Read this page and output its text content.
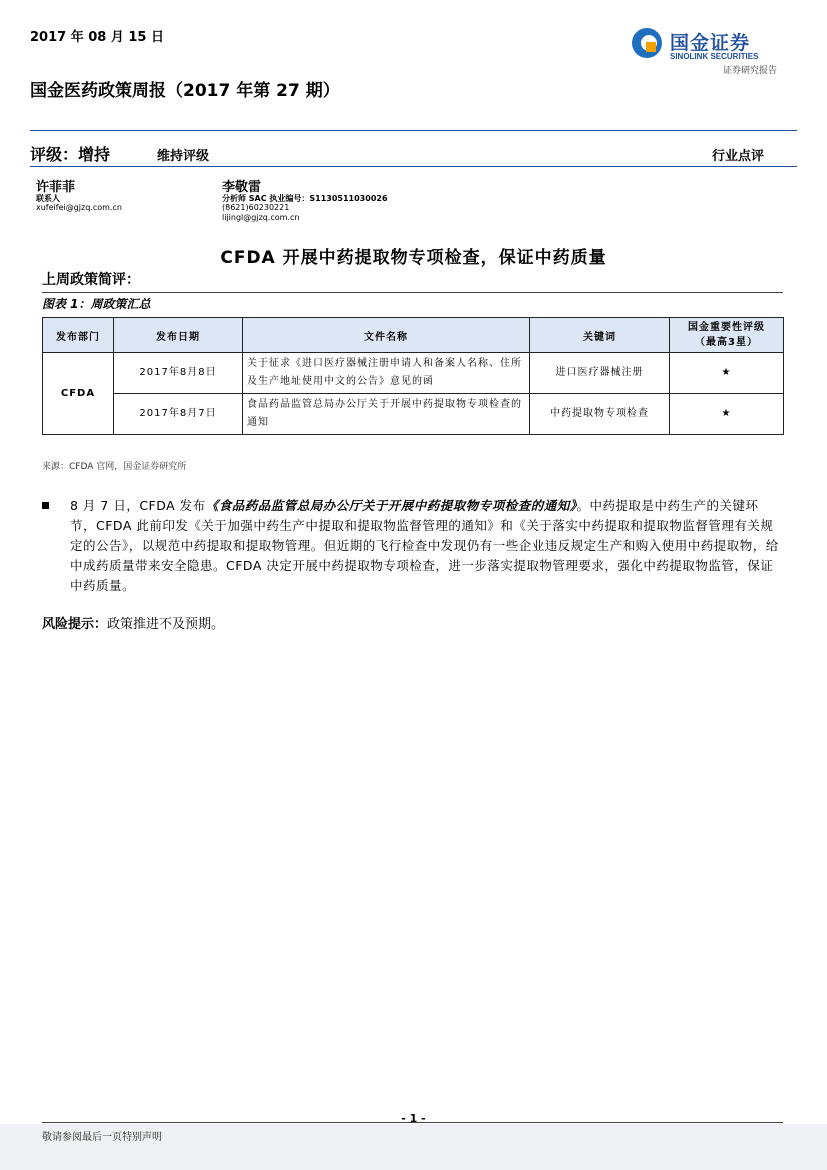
2017 年 08 月 15 日
国金医药政策周报（2017 年第 27 期）
国金证券
SINOLINK SECURITIES
证券研究报告
评级：增持	维持评级	行业点评
许菲菲
联系人
xufeifei@gjzq.com.cn
李敬雷
分析师 SAC 执业编号：S1130511030026
(8621)60230221
lijingl@gjzq.com.cn
CFDA 开展中药提取物专项检查，保证中药质量
上周政策简评：
图表 1：周政策汇总
发布部门	发布日期	文件名称	关键词	国金重要性评级
（最高3星）
CFDA	2017年8月8日	关于征求《进口医疗器械注册申请人和备案人名称、住所及生产地址使用中文的公告》意见的函	进口医疗器械注册	★
	2017年8月7日	食品药品监管总局办公厅关于开展中药提取物专项检查的通知	中药提取物专项检查	★
来源：CFDA 官网，国金证券研究所
8 月 7 日，CFDA 发布《食品药品监管总局办公厅关于开展中药提取物专项检查的通知》。中药提取是中药生产的关键环节，CFDA 此前印发《关于加强中药生产中提取和提取物监督管理的通知》和《关于落实中药提取和提取物监督管理有关规定的公告》，以规范中药提取和提取物管理。但近期的飞行检查中发现仍有一些企业违反规定生产和购入使用中药提取物，给中成药质量带来安全隐患。CFDA 决定开展中药提取物专项检查，进一步落实提取物管理要求，强化中药提取物监管，保证中药质量。
风险提示：政策推进不及预期。
- 1 -
敬请参阅最后一页特别声明
